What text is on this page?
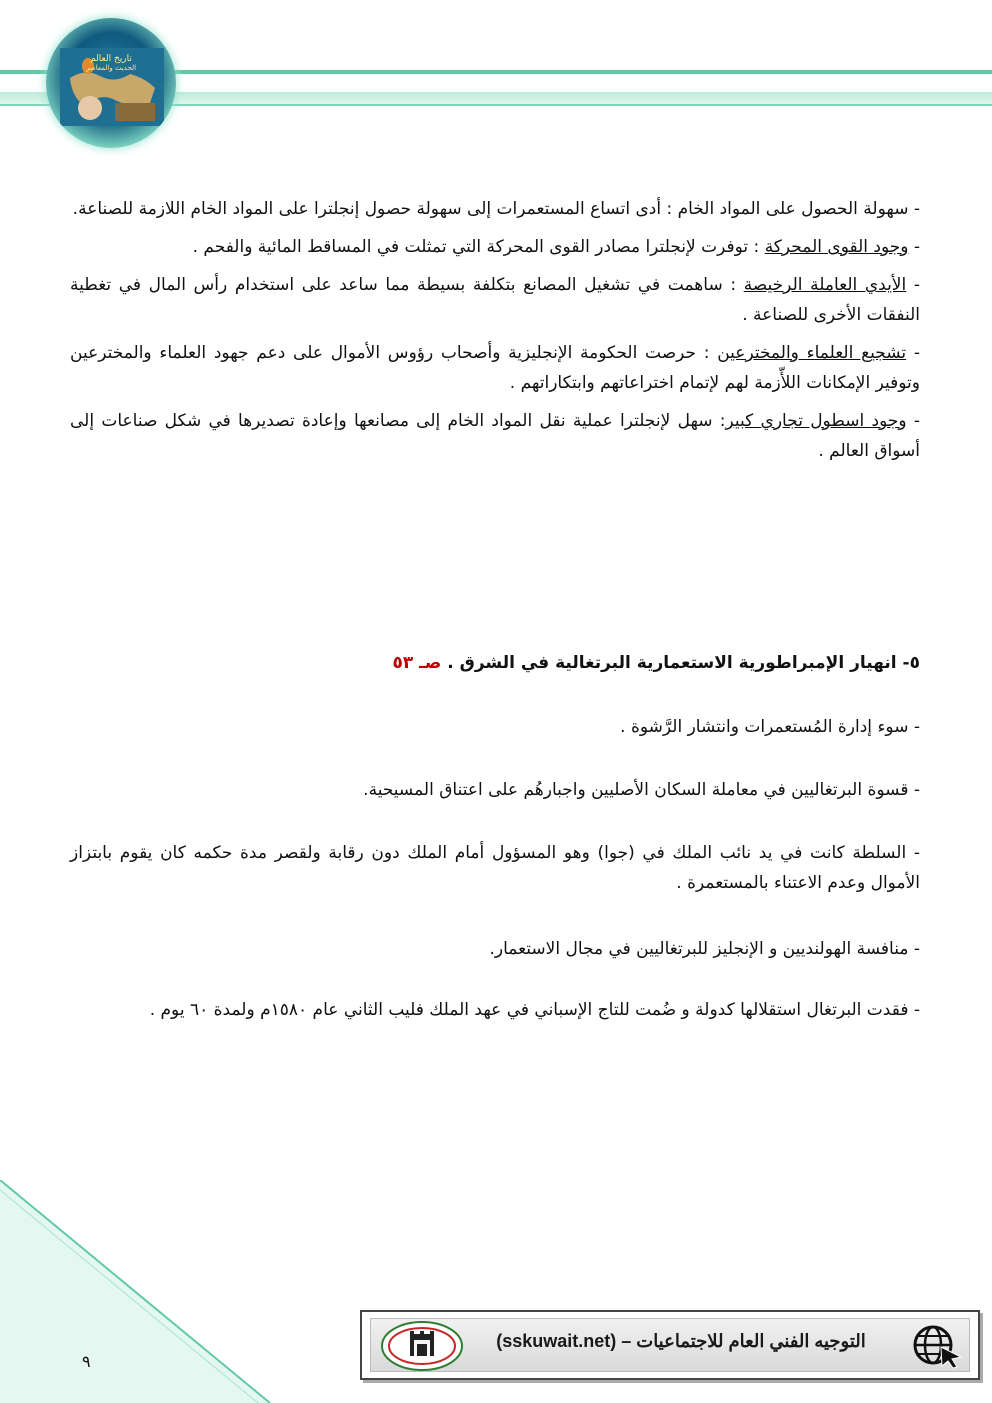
تاريخ العالم
الحديث والمعاصر

- سهولة الحصول على المواد الخام : أدى اتساع المستعمرات إلى سهولة حصول إنجلترا على المواد الخام اللازمة للصناعة.

- وجود القوى المحركة : توفرت لإنجلترا مصادر القوى المحركة التي تمثلت في المساقط المائية والفحم .

- الأيدي العاملة الرخيصة : ساهمت في تشغيل المصانع بتكلفة بسيطة مما ساعد على استخدام رأس المال في تغطية النفقات الأخرى للصناعة .

- تشجيع العلماء والمخترعين : حرصت الحكومة الإنجليزية وأصحاب رؤوس الأموال على دعم جهود العلماء والمخترعين وتوفير الإمكانات اللأّزمة لهم لإتمام اختراعاتهم وابتكاراتهم .

- وجود اسطول تجاري كبير: سهل لإنجلترا عملية نقل المواد الخام إلى مصانعها وإعادة تصديرها في شكل صناعات إلى أسواق العالم .

٥- انهيار الإمبراطورية الاستعمارية البرتغالية في الشرق . صـ ٥٣

- سوء إدارة المُستعمرات وانتشار الرَّشوة .

- قسوة البرتغاليين في معاملة السكان الأصليين واجبارهُم على اعتناق المسيحية.

- السلطة كانت في يد نائب الملك في (جوا) وهو المسؤول أمام الملك دون رقابة ولقصر مدة حكمه كان يقوم بابتزاز الأموال وعدم الاعتناء بالمستعمرة .

- منافسة الهولنديين و الإنجليز للبرتغاليين في مجال الاستعمار.

- فقدت البرتغال استقلالها كدولة و ضُمت للتاج الإسباني في عهد الملك فليب الثاني عام ١٥٨٠م ولمدة ٦٠ يوم .

٩
(sskuwait.net) – التوجيه الفني العام للاجتماعيات
